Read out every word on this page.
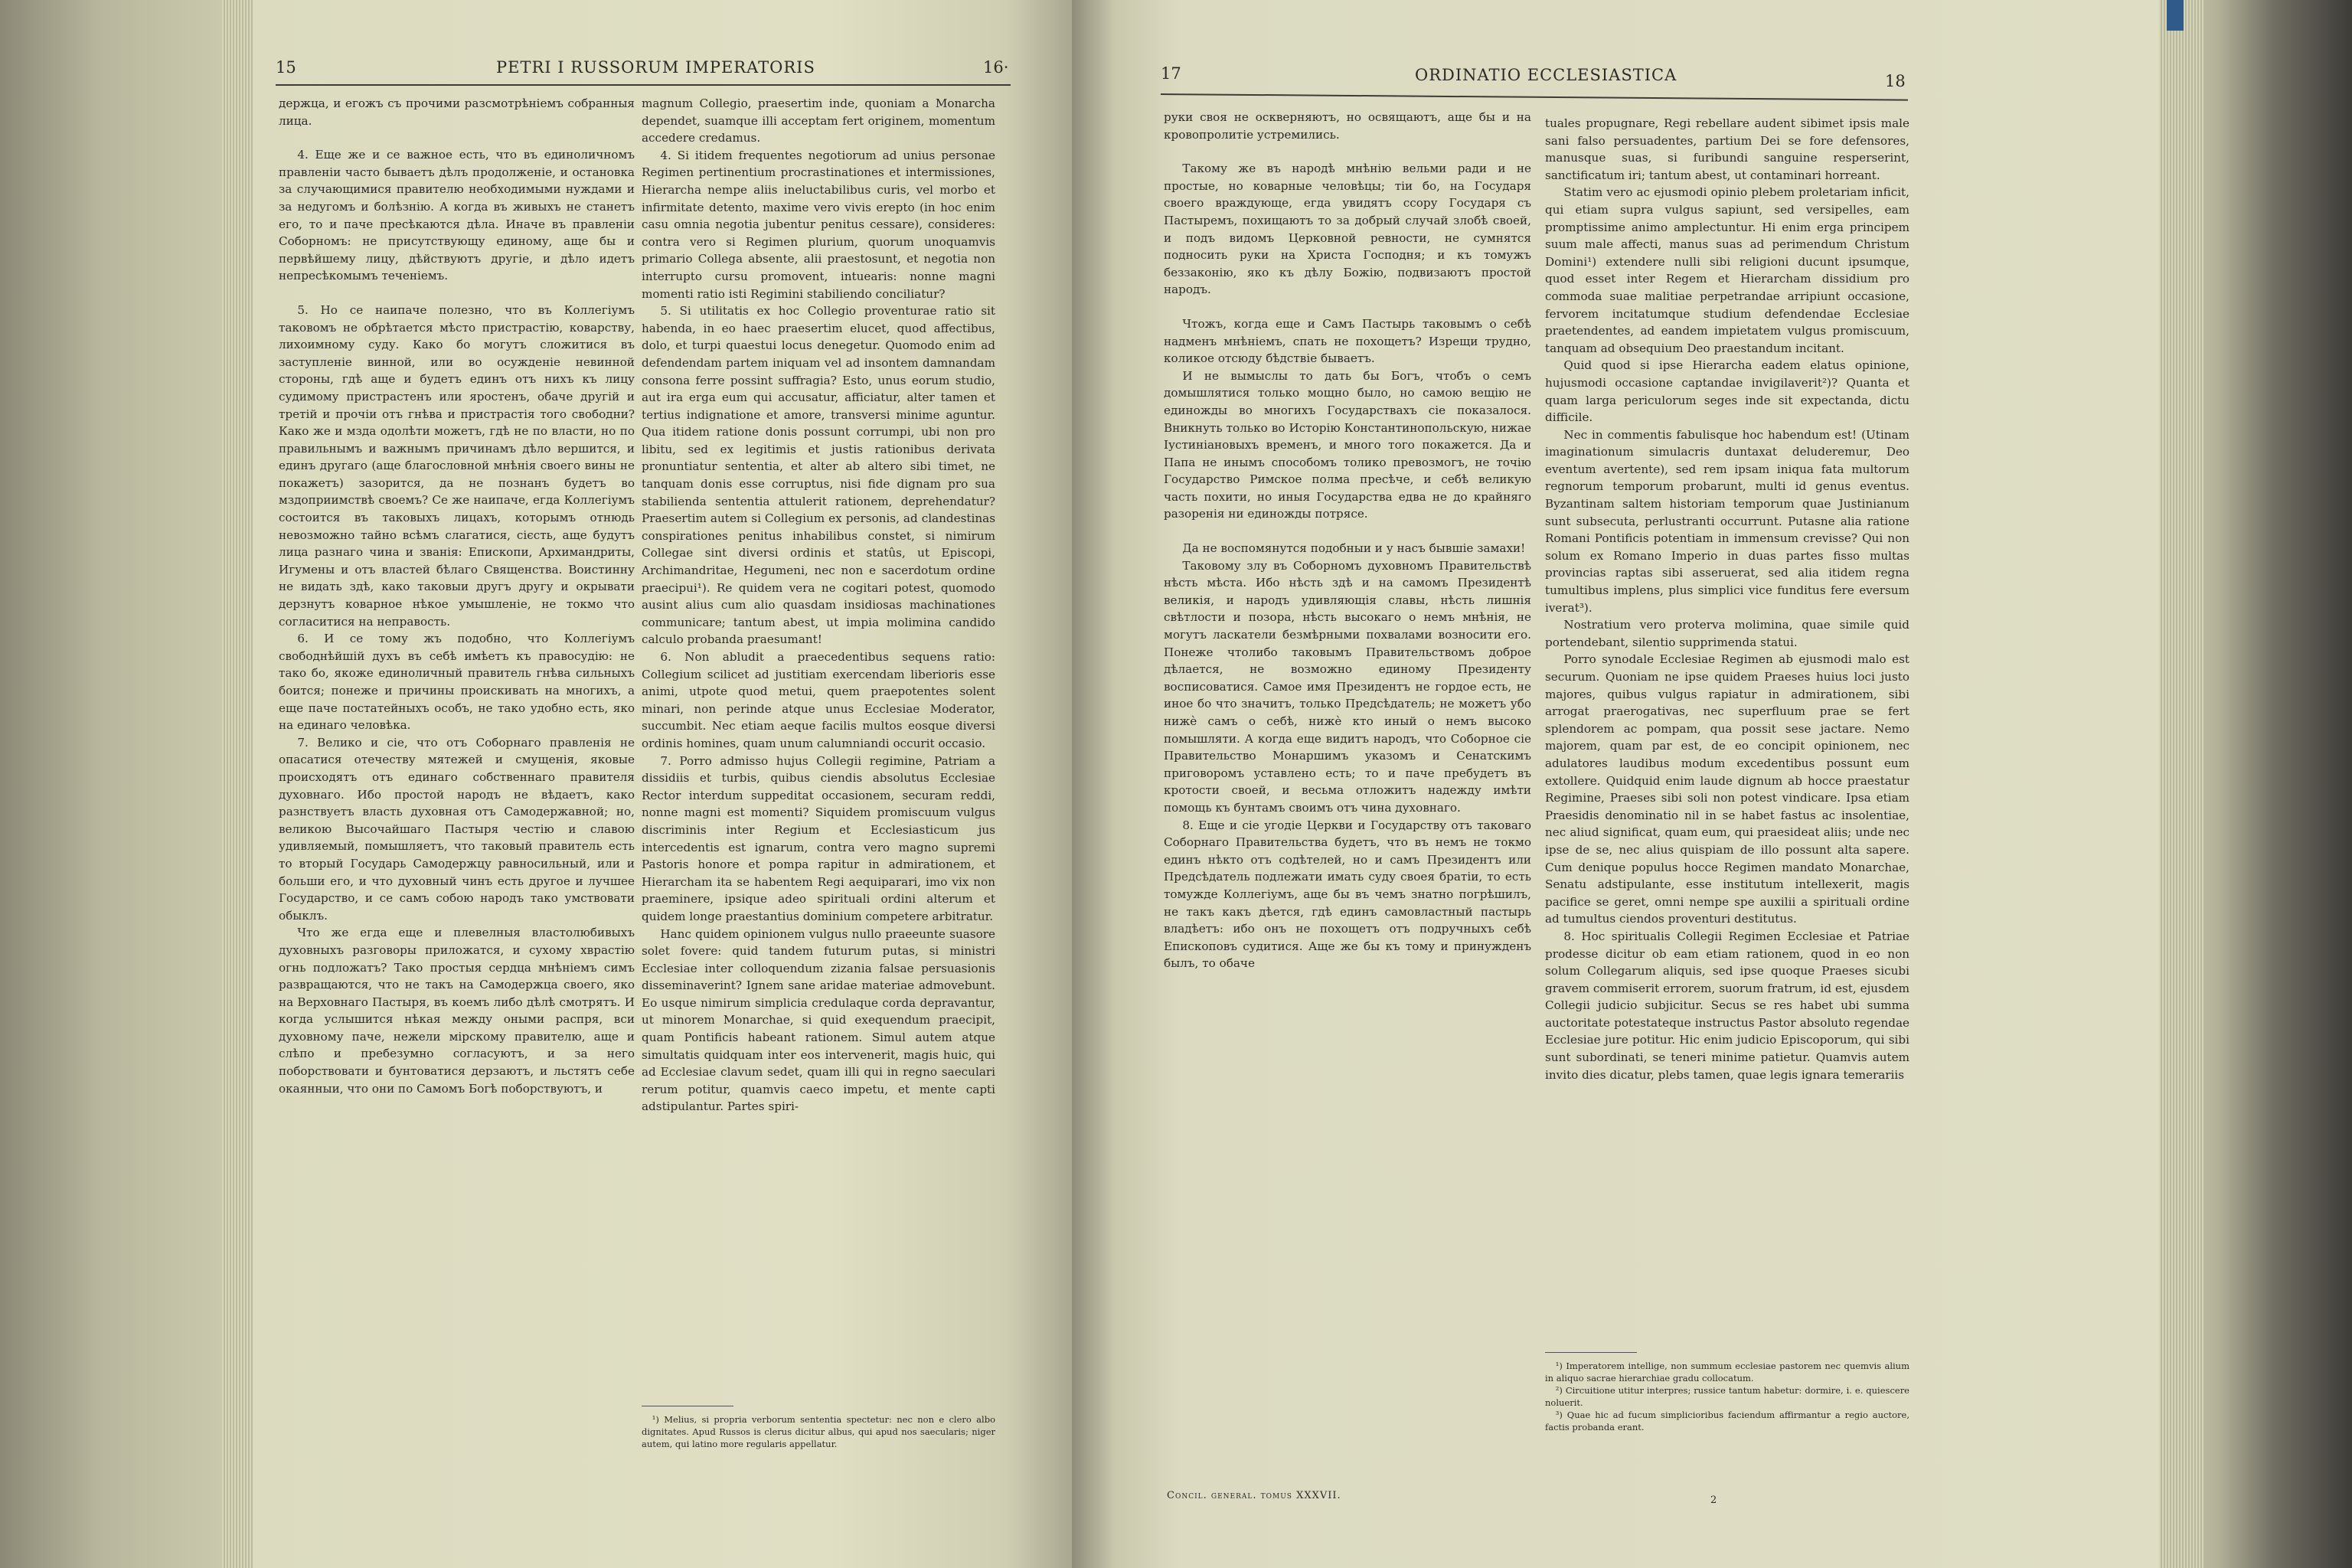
15	PETRI I RUSSORUM IMPERATORIS	16·

держца, и егожъ съ прочими разсмотрѣніемъ собранныя лица.

4. Еще же и се важное есть, что въ единоличномъ правленіи часто бываетъ дѣлъ продолженіе, и остановка за случающимися правителю необходимыми нуждами и за недугомъ и болѣзнію. А когда въ живыхъ не станетъ его, то и паче пресѣкаются дѣла. Иначе въ правленіи Соборномъ: не присутствующу единому, аще бы и первѣйшему лицу, дѣйствуютъ другіе, и дѣло идетъ непресѣкомымъ теченіемъ.

5. Но се наипаче полезно, что въ Коллегіумъ таковомъ не обрѣтается мѣсто пристрастію, коварству, лихоимному суду. Како бо могутъ сложитися въ заступленіе винной, или во осужденіе невинной стороны, гдѣ аще и будетъ единъ отъ нихъ къ лицу судимому пристрастенъ или яростенъ, обаче другій и третій и прочіи отъ гнѣва и пристрастія того свободни? Како же и мзда одолѣти можетъ, гдѣ не по власти, но по правильнымъ и важнымъ причинамъ дѣло вершится, и единъ другаго (аще благословной мнѣнія своего вины не покажетъ) зазорится, да не познанъ будетъ во мздоприимствѣ своемъ? Се же наипаче, егда Коллегіумъ состоится въ таковыхъ лицахъ, которымъ отнюдь невозможно тайно всѣмъ слагатися, сієсть, аще будутъ лица разнаго чина и званія: Епископи, Архимандриты, Игумены и отъ властей бѣлаго Священства. Воистинну не видать здѣ, како таковыи другъ другу и окрывати дерзнутъ коварное нѣкое умышленіе, не токмо что согласитися на неправость.

6. И се тому жъ подобно, что Коллегіумъ свободнѣйшій духъ въ себѣ имѣетъ къ правосудію: не тако бо, якоже единоличный правитель гнѣва сильныхъ боится; понеже и причины проискивать на многихъ, а еще паче постатейныхъ особъ, не тако удобно есть, яко на единаго человѣка.

7. Велико и сіе, что отъ Соборнаго правленія не опасатися отечеству мятежей и смущенія, яковые происходятъ отъ единаго собственнаго правителя духовнаго. Ибо простой народъ не вѣдаетъ, како разнствуетъ власть духовная отъ Самодержавной; но, великою Высочайшаго Пастыря честію и славою удивляемый, помышляетъ, что таковый правитель есть то вторый Государь Самодержцу равносильный, или и больши его, и что духовный чинъ есть другое и лучшее Государство, и се самъ собою народъ тако умствовати обыклъ.

Что же егда еще и плевелныя властолюбивыхъ духовныхъ разговоры приложатся, и сухому хврастію огнь подложатъ? Тако простыя сердца мнѣніемъ симъ развращаются, что не такъ на Самодержца своего, яко на Верховнаго Пастыря, въ коемъ либо дѣлѣ смотрятъ. И когда услышится нѣкая между оными распря, вси духовному паче, нежели мірскому правителю, аще и слѣпо и пребезумно согласуютъ, и за него поборствовати и бунтоватися дерзаютъ, и льстятъ себе окаянныи, что они по Самомъ Богѣ поборствуютъ, и

magnum Collegio, praesertim inde, quoniam a Monarcha dependet, suamque illi acceptam fert originem, momentum accedere credamus.

4. Si itidem frequentes negotiorum ad unius personae Regimen pertinentium procrastinationes et intermissiones, Hierarcha nempe aliis ineluctabilibus curis, vel morbo et infirmitate detento, maxime vero vivis erepto (in hoc enim casu omnia negotia jubentur penitus cessare), consideres: contra vero si Regimen plurium, quorum unoquamvis primario Collega absente, alii praestosunt, et negotia non interrupto cursu promovent, intuearis: nonne magni momenti ratio isti Regimini stabiliendo conciliatur?

5. Si utilitatis ex hoc Collegio proventurae ratio sit habenda, in eo haec praesertim elucet, quod affectibus, dolo, et turpi quaestui locus denegetur. Quomodo enim ad defendendam partem iniquam vel ad insontem damnandam consona ferre possint suffragia? Esto, unus eorum studio, aut ira erga eum qui accusatur, afficiatur, alter tamen et tertius indignatione et amore, transversi minime aguntur. Qua itidem ratione donis possunt corrumpi, ubi non pro libitu, sed ex legitimis et justis rationibus derivata pronuntiatur sententia, et alter ab altero sibi timet, ne tanquam donis esse corruptus, nisi fide dignam pro sua stabilienda sententia attulerit rationem, deprehendatur? Praesertim autem si Collegium ex personis, ad clandestinas conspirationes penitus inhabilibus constet, si nimirum Collegae sint diversi ordinis et statûs, ut Episcopi, Archimandritae, Hegumeni, nec non e sacerdotum ordine praecipui¹). Re quidem vera ne cogitari potest, quomodo ausint alius cum alio quasdam insidiosas machinationes communicare; tantum abest, ut impia molimina candido calculo probanda praesumant!

6. Non abludit a praecedentibus sequens ratio: Collegium scilicet ad justitiam exercendam liberioris esse animi, utpote quod metui, quem praepotentes solent minari, non perinde atque unus Ecclesiae Moderator, succumbit. Nec etiam aeque facilis multos eosque diversi ordinis homines, quam unum calumniandi occurit occasio.

7. Porro admisso hujus Collegii regimine, Patriam a dissidiis et turbis, quibus ciendis absolutus Ecclesiae Rector interdum suppeditat occasionem, securam reddi, nonne magni est momenti? Siquidem promiscuum vulgus discriminis inter Regium et Ecclesiasticum jus intercedentis est ignarum, contra vero magno supremi Pastoris honore et pompa rapitur in admirationem, et Hierarcham ita se habentem Regi aequiparari, imo vix non praeminere, ipsique adeo spirituali ordini alterum et quidem longe praestantius dominium competere arbitratur.

Hanc quidem opinionem vulgus nullo praeeunte suasore solet fovere: quid tandem futurum putas, si ministri Ecclesiae inter colloquendum zizania falsae persuasionis disseminaverint? Ignem sane aridae materiae admovebunt. Eo usque nimirum simplicia credulaque corda depravantur, ut minorem Monarchae, si quid exequendum praecipit, quam Pontificis habeant rationem. Simul autem atque simultatis quidquam inter eos intervenerit, magis huic, qui ad Ecclesiae clavum sedet, quam illi qui in regno saeculari rerum potitur, quamvis caeco impetu, et mente capti adstipulantur. Partes spiri-

¹) Melius, si propria verborum sententia spectetur: nec non e clero albo dignitates. Apud Russos is clerus dicitur albus, qui apud nos saecularis; niger autem, qui latino more regularis appellatur.

17	ORDINATIO ECCLESIASTICA	18

руки своя не оскверняютъ, но освящаютъ, аще бы и на кровопролитіе устремились.

Такому же въ народѣ мнѣнію вельми ради и не простые, но коварные человѣцы; тіи бо, на Государя своего враждующе, егда увидятъ ссору Государя съ Пастыремъ, похищаютъ то за добрый случай злобѣ своей, и подъ видомъ Церковной ревности, не сумнятся подносить руки на Христа Господня; и къ томужъ беззаконію, яко къ дѣлу Божію, подвизаютъ простой народъ.

Чтожъ, когда еще и Самъ Пастырь таковымъ о себѣ надменъ мнѣніемъ, спать не похощетъ? Изрещи трудно, коликое отсюду бѣдствіе бываетъ.

И не вымыслы то дать бы Богъ, чтобъ о семъ домышлятися только мощно было, но самою вещію не единожды во многихъ Государствахъ сіе показалося. Вникнуть только во Исторію Константинопольскую, нижае Іустиніановыхъ временъ, и много того покажется. Да и Папа не инымъ способомъ толико превозмогъ, не точію Государство Римское полма пресѣче, и себѣ великую часть похити, но иныя Государства едва не до крайняго разоренія ни единожды потрясе.

Да не воспомянутся подобныи и у насъ бывшіе замахи!

Таковому злу въ Соборномъ духовномъ Правительствѣ нѣсть мѣста. Ибо нѣсть здѣ и на самомъ Президентѣ великія, и народъ удивляющія славы, нѣсть лишнія свѣтлости и позора, нѣсть высокаго о немъ мнѣнія, не могутъ ласкатели безмѣрными похвалами возносити его. Понеже чтолибо таковымъ Правительствомъ доброе дѣлается, не возможно единому Президенту восписоватися. Самое имя Президентъ не гордое есть, не иное бо что значитъ, только Предсѣдатель; не можетъ убо нижѐ самъ о себѣ, нижѐ кто иный о немъ высоко помышляти. А когда еще видитъ народъ, что Соборное сіе Правительство Монаршимъ указомъ и Сенатскимъ приговоромъ уставлено есть; то и паче пребудетъ въ кротости своей, и весьма отложитъ надежду имѣти помощь къ бунтамъ своимъ отъ чина духовнаго.

8. Еще и сіе угодіе Церкви и Государству отъ таковаго Соборнаго Правительства будетъ, что въ немъ не токмо единъ нѣкто отъ содѣтелей, но и самъ Президентъ или Предсѣдатель подлежати имать суду своея братіи, то есть томужде Коллегіумъ, аще бы въ чемъ знатно погрѣшилъ, не такъ какъ дѣется, гдѣ единъ самовластный пастырь владѣетъ: ибо онъ не похощетъ отъ подручныхъ себѣ Епископовъ судитися. Аще же бы къ тому и принужденъ былъ, то обаче

tuales propugnare, Regi rebellare audent sibimet ipsis male sani falso persuadentes, partium Dei se fore defensores, manusque suas, si furibundi sanguine resperserint, sanctificatum iri; tantum abest, ut contaminari horreant.

Statim vero ac ejusmodi opinio plebem proletariam inficit, qui etiam supra vulgus sapiunt, sed versipelles, eam promptissime animo amplectuntur. Hi enim erga principem suum male affecti, manus suas ad perimendum Christum Domini¹) extendere nulli sibi religioni ducunt ipsumque, quod esset inter Regem et Hierarcham dissidium pro commoda suae malitiae perpetrandae arripiunt occasione, fervorem incitatumque studium defendendae Ecclesiae praetendentes, ad eandem impietatem vulgus promiscuum, tanquam ad obsequium Deo praestandum incitant.

Quid quod si ipse Hierarcha eadem elatus opinione, hujusmodi occasione captandae invigilaverit²)? Quanta et quam larga periculorum seges inde sit expectanda, dictu difficile.

Nec in commentis fabulisque hoc habendum est! (Utinam imaginationum simulacris duntaxat deluderemur, Deo eventum avertente), sed rem ipsam iniqua fata multorum regnorum temporum probarunt, multi id genus eventus. Byzantinam saltem historiam temporum quae Justinianum sunt subsecuta, perlustranti occurrunt. Putasne alia ratione Romani Pontificis potentiam in immensum crevisse? Qui non solum ex Romano Imperio in duas partes fisso multas provincias raptas sibi asseruerat, sed alia itidem regna tumultibus implens, plus simplici vice funditus fere eversum iverat³).

Nostratium vero proterva molimina, quae simile quid portendebant, silentio supprimenda statui.

Porro synodale Ecclesiae Regimen ab ejusmodi malo est securum. Quoniam ne ipse quidem Praeses huius loci justo majores, quibus vulgus rapiatur in admirationem, sibi arrogat praerogativas, nec superfluum prae se fert splendorem ac pompam, qua possit sese jactare. Nemo majorem, quam par est, de eo concipit opinionem, nec adulatores laudibus modum excedentibus possunt eum extollere. Quidquid enim laude dignum ab hocce praestatur Regimine, Praeses sibi soli non potest vindicare. Ipsa etiam Praesidis denominatio nil in se habet fastus ac insolentiae, nec aliud significat, quam eum, qui praesideat aliis; unde nec ipse de se, nec alius quispiam de illo possunt alta sapere. Cum denique populus hocce Regimen mandato Monarchae, Senatu adstipulante, esse institutum intellexerit, magis pacifice se geret, omni nempe spe auxilii a spirituali ordine ad tumultus ciendos proventuri destitutus.

8. Hoc spiritualis Collegii Regimen Ecclesiae et Patriae prodesse dicitur ob eam etiam rationem, quod in eo non solum Collegarum aliquis, sed ipse quoque Praeses sicubi gravem commiserit errorem, suorum fratrum, id est, ejusdem Collegii judicio subjicitur. Secus se res habet ubi summa auctoritate potestateque instructus Pastor absoluto regendae Ecclesiae jure potitur. Hic enim judicio Episcoporum, qui sibi sunt subordinati, se teneri minime patietur. Quamvis autem invito dies dicatur, plebs tamen, quae legis ignara temerariis

¹) Imperatorem intellige, non summum ecclesiae pastorem nec quemvis alium in aliquo sacrae hierarchiae gradu collocatum.

²) Circuitione utitur interpres; russice tantum habetur: dormire, i. e. quiescere noluerit.

³) Quae hic ad fucum simplicioribus faciendum affirmantur a regio auctore, factis probanda erant.

Concil. general. tomus XXXVII.	2
